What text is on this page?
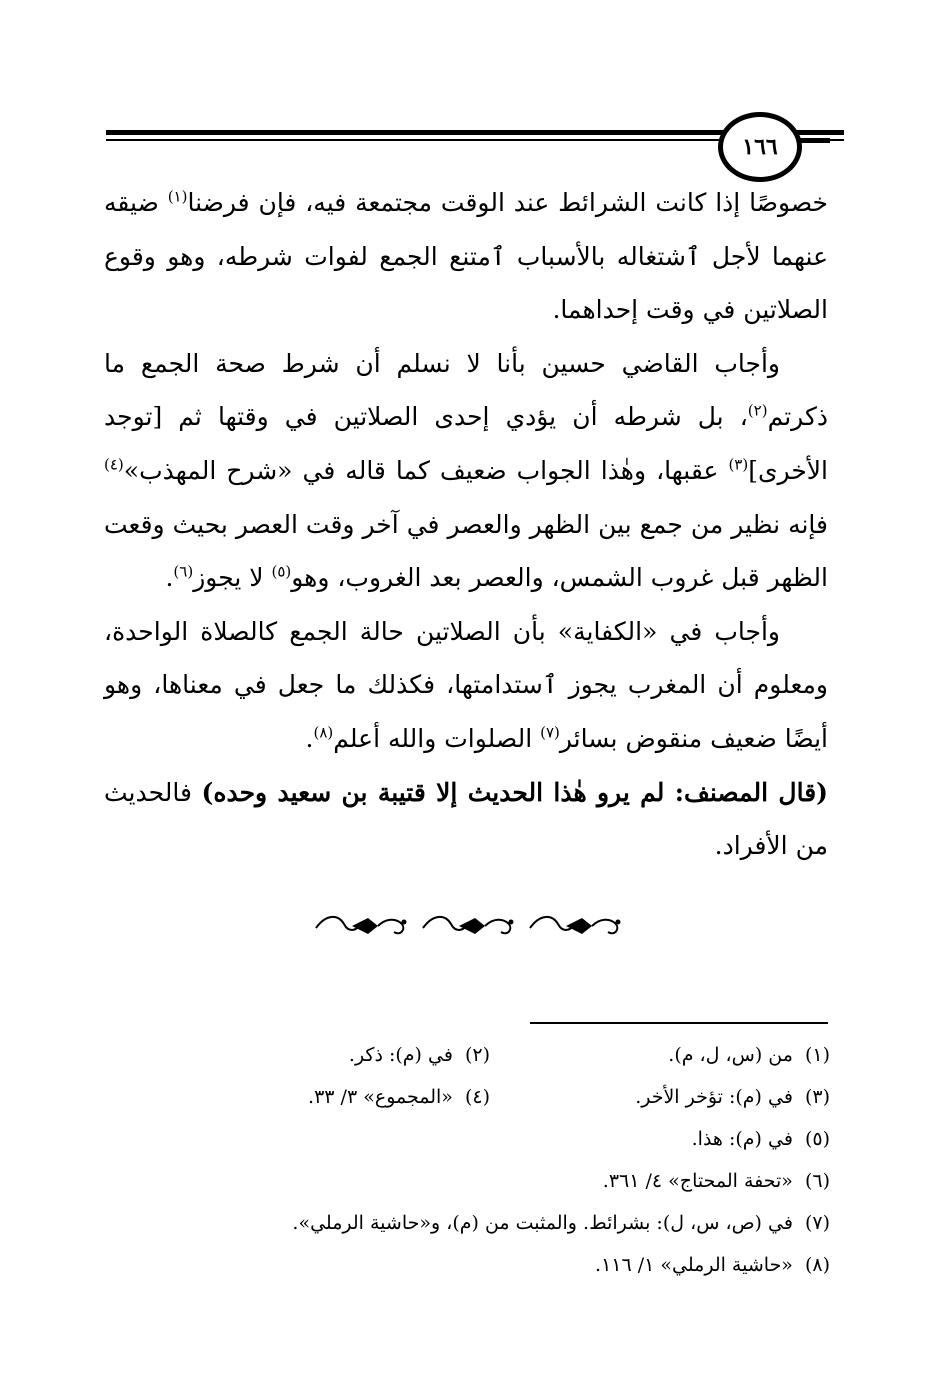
١٦٦

خصوصًا إذا كانت الشرائط عند الوقت مجتمعة فيه، فإن فرضنا$^{(١)}$ ضيقه عنهما لأجل ٱشتغاله بالأسباب ٱمتنع الجمع لفوات شرطه، وهو وقوع الصلاتين في وقت إحداهما.

وأجاب القاضي حسين بأنا لا نسلم أن شرط صحة الجمع ما ذكرتم$^{(٢)}$، بل شرطه أن يؤدي إحدى الصلاتين في وقتها ثم [توجد الأخرى]$^{(٣)}$ عقبها، وهٰذا الجواب ضعيف كما قاله في «شرح المهذب»$^{(٤)}$ فإنه نظير من جمع بين الظهر والعصر في آخر وقت العصر بحيث وقعت الظهر قبل غروب الشمس، والعصر بعد الغروب، وهو$^{(٥)}$ لا يجوز$^{(٦)}$.

وأجاب في «الكفاية» بأن الصلاتين حالة الجمع كالصلاة الواحدة، ومعلوم أن المغرب يجوز ٱستدامتها، فكذلك ما جعل في معناها، وهو أيضًا ضعيف منقوض بسائر$^{(٧)}$ الصلوات والله أعلم$^{(٨)}$.

(قال المصنف: لم يرو هٰذا الحديث إلا قتيبة بن سعيد وحده) فالحديث من الأفراد.

(١)من (س، ل، م).
(٢)في (م): ذكر.
(٣)في (م): تؤخر الأخر.
(٤)«المجموع» ٣/ ٣٣.
(٥)في (م): هذا.
(٦)«تحفة المحتاج» ٤/ ٣٦١.
(٧)في (ص، س، ل): بشرائط. والمثبت من (م)، و«حاشية الرملي».
(٨)«حاشية الرملي» ١/ ١١٦.
